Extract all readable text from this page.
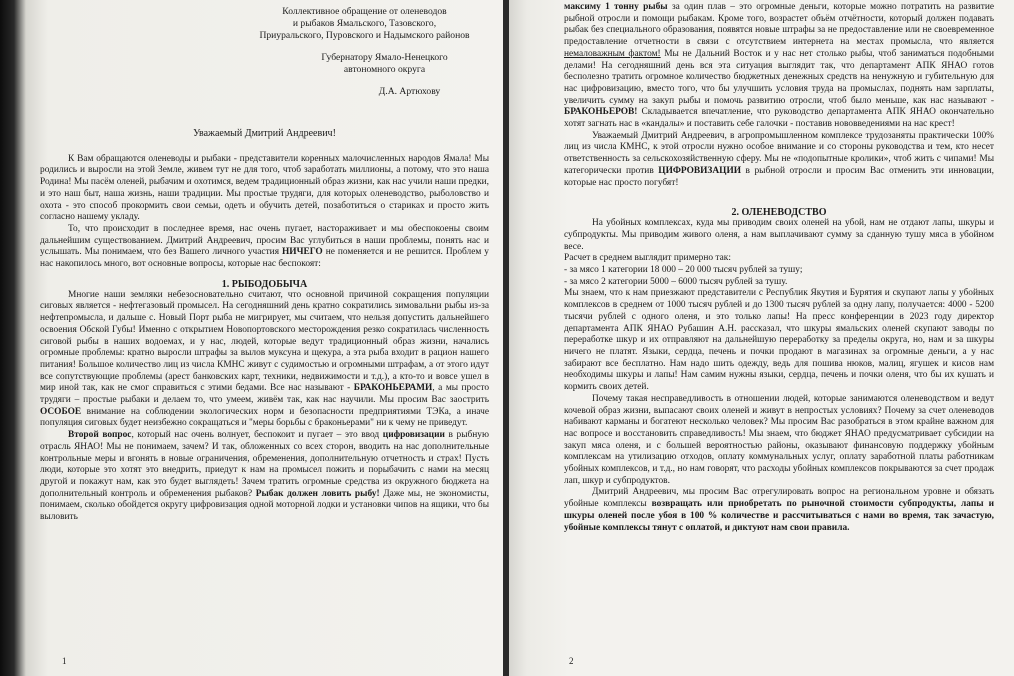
Коллективное обращение от оленеводов
и рыбаков Ямальского, Тазовского,
Приуральского, Пуровского и Надымского районов
Губернатору Ямало-Ненецкого
автономного округа
Д.А. Артюхову

Уважаемый Дмитрий Андреевич!

К Вам обращаются оленеводы и рыбаки - представители коренных малочисленных народов Ямала! Мы родились и выросли на этой Земле, живем тут не для того, чтоб заработать миллионы, а потому, что это наша Родина! Мы пасём оленей, рыбачим и охотимся, ведем традиционный образ жизни, как нас учили наши предки, и это наш быт, наша жизнь, наши традиции. Мы простые трудяги, для которых оленеводство, рыболовство и охота - это способ прокормить свои семьи, одеть и обучить детей, позаботиться о стариках и просто жить согласно нашему укладу.

То, что происходит в последнее время, нас очень пугает, настораживает и мы обеспокоены своим дальнейшим существованием. Дмитрий Андреевич, просим Вас углубиться в наши проблемы, понять нас и услышать. Мы понимаем, что без Вашего личного участия НИЧЕГО не поменяется и не решится. Проблем у нас накопилось много, вот основные вопросы, которые нас беспокоят:

1. РЫБОДОБЫЧА

Многие наши земляки небезосновательно считают, что основной причиной сокращения популяции сиговых является - нефтегазовый промысел. На сегодняшний день кратно сократились зимовальни рыбы из-за нефтепромысла, и дальше с. Новый Порт рыба не мигрирует, мы считаем, что нельзя допустить дальнейшего освоения Обской Губы! Именно с открытием Новопортовского месторождения резко сократилась численность сиговой рыбы в наших водоемах, и у нас, людей, которые ведут традиционный образ жизни, начались огромные проблемы: кратно выросли штрафы за вылов муксуна и щекура, а эта рыба входит в рацион нашего питания! Большое количество лиц из числа КМНС живут с судимостью и огромными штрафам, а от этого идут все сопутствующие проблемы (арест банковских карт, техники, недвижимости и т.д.), а кто-то и вовсе ушел в мир иной так, как не смог справиться с этими бедами. Все нас называют - БРАКОНЬЕРАМИ, а мы просто трудяги – простые рыбаки и делаем то, что умеем, живём так, как нас научили. Мы просим Вас заострить ОСОБОЕ внимание на соблюдении экологических норм и безопасности предприятиями ТЭКа, а иначе популяция сиговых будет неизбежно сокращаться и "меры борьбы с браконьерами" ни к чему не приведут.

Второй вопрос, который нас очень волнует, беспокоит и пугает – это ввод цифровизации в рыбную отрасль ЯНАО! Мы не понимаем, зачем? И так, обложенных со всех сторон, вводить на нас дополнительные контрольные меры и вгонять в новые ограничения, обременения, дополнительную отчетность и страх! Пусть люди, которые это хотят это внедрить, приедут к нам на промысел пожить и порыбачить с нами на месяц другой и покажут нам, как это будет выглядеть! Зачем тратить огромные средства из окружного бюджета на дополнительный контроль и обременения рыбаков? Рыбак должен ловить рыбу! Даже мы, не экономисты, понимаем, сколько обойдется округу цифровизация одной моторной лодки и установки чипов на ящики, что бы выловить

1

максиму 1 тонну рыбы за один плав – это огромные деньги, которые можно потратить на развитие рыбной отросли и помощи рыбакам. Кроме того, возрастет объём отчётности, который должен подавать рыбак без специального образования, появятся новые штрафы за не предоставление или не своевременное предоставление отчетности в связи с отсутствием интернета на местах промысла, что является немаловажным фактом! Мы не Дальний Восток и у нас нет столько рыбы, чтоб заниматься подобными делами! На сегодняшний день вся эта ситуация выглядит так, что департамент АПК ЯНАО готов бесполезно тратить огромное количество бюджетных денежных средств на ненужную и губительную для нас цифровизацию, вместо того, что бы улучшить условия труда на промыслах, поднять нам зарплаты, увеличить сумму на закуп рыбы и помочь развитию отросли, чтоб было меньше, как нас называют - БРАКОНЬЕРОВ! Складывается впечатление, что руководство департамента АПК ЯНАО окончательно хотят загнать нас в «кандалы» и поставить себе галочки - поставив нововведениями на нас крест!

Уважаемый Дмитрий Андреевич, в агропромышленном комплексе трудозаняты практически 100% лиц из числа КМНС, к этой отросли нужно особое внимание и со стороны руководства и тем, кто несет ответственность за сельскохозяйственную сферу. Мы не «подопытные кролики», чтоб жить с чипами! Мы категорически против ЦИФРОВИЗАЦИИ в рыбной отросли и просим Вас отменить эти инновации, которые нас просто погубят!

2. ОЛЕНЕВОДСТВО

На убойных комплексах, куда мы приводим своих оленей на убой, нам не отдают лапы, шкуры и субпродукты. Мы приводим живого оленя, а нам выплачивают сумму за сданную тушу мяса в убойном весе.

Расчет в среднем выглядит примерно так:

- за мясо 1 категории 18 000 – 20 000 тысяч рублей за тушу;

- за мясо 2 категории 5000 – 6000 тысяч рублей за тушу.

Мы знаем, что к нам приезжают представители с Республик Якутия и Бурятия и скупают лапы у убойных комплексов в среднем от 1000 тысяч рублей и до 1300 тысяч рублей за одну лапу, получается: 4000 - 5200 тысячи рублей с одного оленя, и это только лапы! На пресс конференции в 2023 году директор департамента АПК ЯНАО Рубашин А.Н. рассказал, что шкуры ямальских оленей скупают заводы по переработке шкур и их отправляют на дальнейшую переработку за пределы округа, но, нам и за шкуры ничего не платят. Языки, сердца, печень и почки продают в магазинах за огромные деньги, а у нас забирают все бесплатно. Нам надо шить одежду, ведь для пошива нюков, малиц, ягушек и кисов нам необходимы шкуры и лапы! Нам самим нужны языки, сердца, печень и почки оленя, что бы их кушать и кормить своих детей.

Почему такая несправедливость в отношении людей, которые занимаются оленеводством и ведут кочевой образ жизни, выпасают своих оленей и живут в непростых условиях? Почему за счет оленеводов набивают карманы и богатеют несколько человек? Мы просим Вас разобраться в этом крайне важном для нас вопросе и восстановить справедливость! Мы знаем, что бюджет ЯНАО предусматривает субсидии на закуп мяса оленя, и с большей вероятностью районы, оказывают финансовую поддержку убойным комплексам на утилизацию отходов, оплату коммунальных услуг, оплату заработной платы работникам убойных комплексов, и т.д., но нам говорят, что расходы убойных комплексов покрываются за счет продаж лап, шкур и субпродуктов.

Дмитрий Андреевич, мы просим Вас отрегулировать вопрос на региональном уровне и обязать убойные комплексы возвращать или приобретать по рыночной стоимости субпродукты, лапы и шкуры оленей после убоя в 100 % количестве и рассчитываться с нами во время, так зачастую, убойные комплексы тянут с оплатой, и диктуют нам свои правила.

2
